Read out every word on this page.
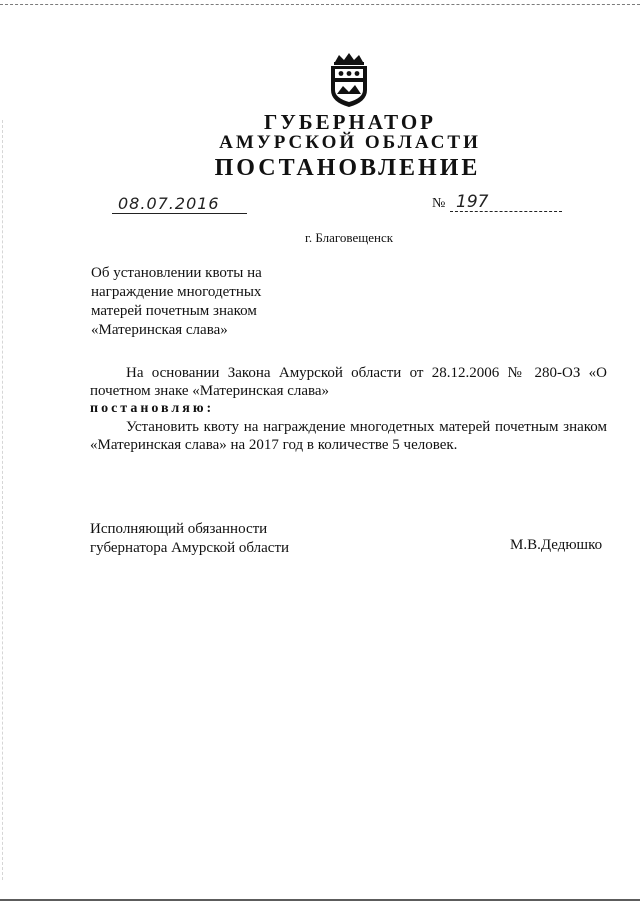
ГУБЕРНАТОР
АМУРСКОЙ ОБЛАСТИ
ПОСТАНОВЛЕНИЕ
08.07.2016	№ 197
г. Благовещенск
Об установлении квоты на
награждение многодетных
матерей почетным знаком
«Материнская слава»
На основании Закона Амурской области от 28.12.2006 № 280-ОЗ «О почетном знаке «Материнская слава»
постановляю:
Установить квоту на награждение многодетных матерей почетным знаком «Материнская слава» на 2017 год в количестве 5 человек.
Исполняющий обязанности
губернатора Амурской области	М.В.Дедюшко
